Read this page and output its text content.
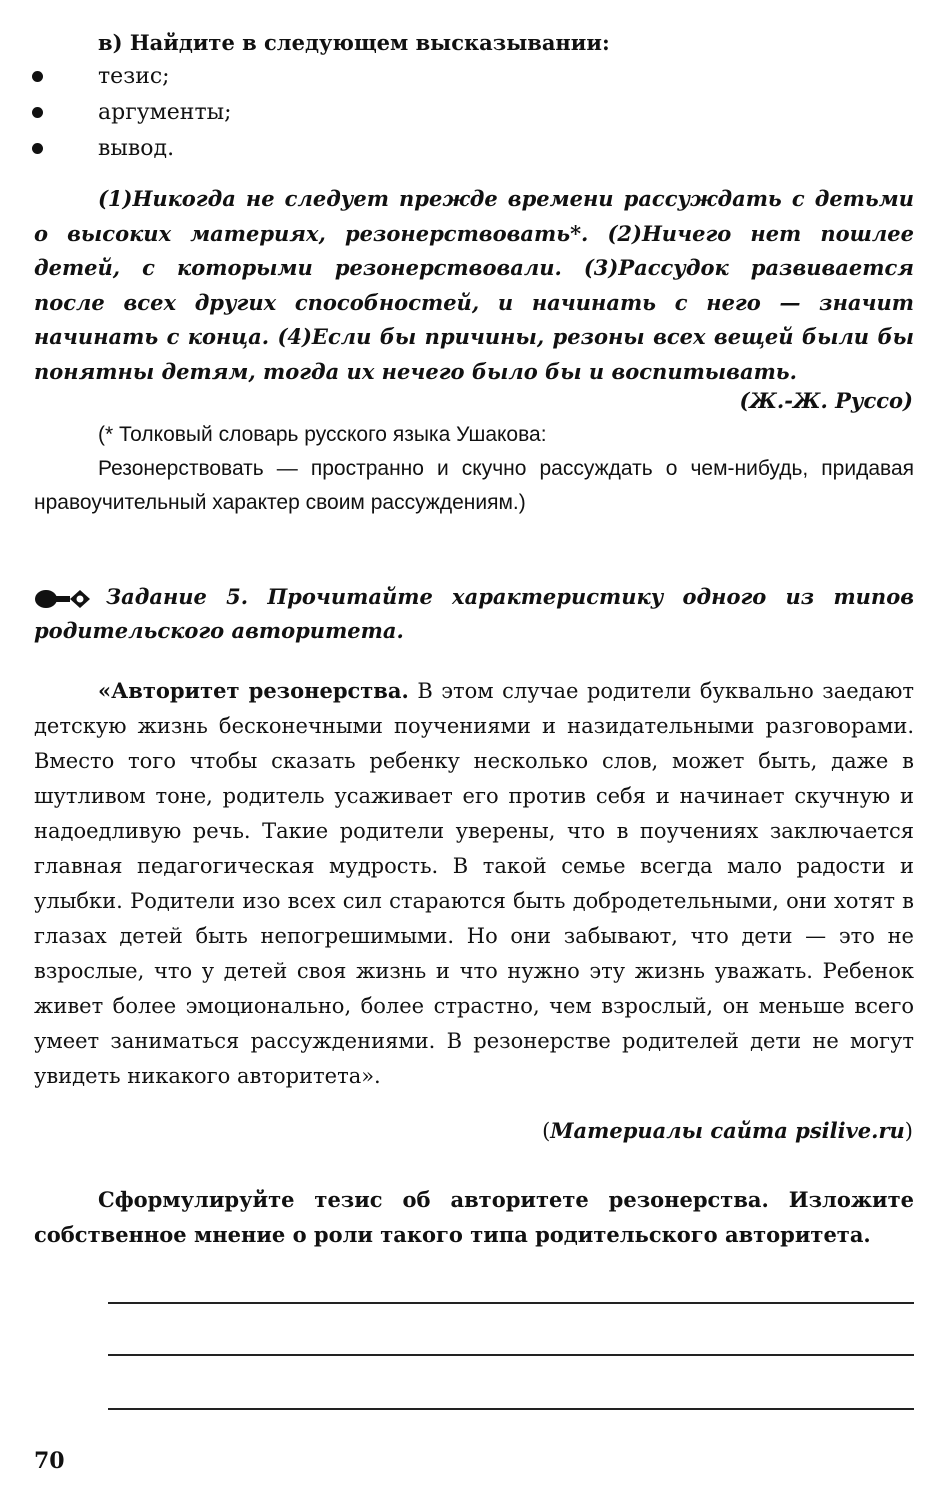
в) Найдите в следующем высказывании:
тезис;
аргументы;
вывод.

(1)Никогда не следует прежде времени рассуждать с детьми о высоких материях, резонерствовать*. (2)Ничего нет пошлее детей, с которыми резонерствовали. (3)Рассудок развивается после всех других способностей, и начинать с него — значит начинать с конца. (4)Если бы причины, резоны всех вещей были бы понятны детям, тогда их нечего было бы и воспитывать.

(Ж.-Ж. Руссо)

(* Толковый словарь русского языка Ушакова:

Резонерствовать — пространно и скучно рассуждать о чем-нибудь, придавая нравоучительный характер своим рассуждениям.)

Задание 5. Прочитайте характеристику одного из типов родительского авторитета.

«Авторитет резонерства. В этом случае родители буквально заедают детскую жизнь бесконечными поучениями и назидательными разговорами. Вместо того чтобы сказать ребенку несколько слов, может быть, даже в шутливом тоне, родитель усаживает его против себя и начинает скучную и надоедливую речь. Такие родители уверены, что в поучениях заключается главная педагогическая мудрость. В такой семье всегда мало радости и улыбки. Родители изо всех сил стараются быть добродетельными, они хотят в глазах детей быть непогрешимыми. Но они забывают, что дети — это не взрослые, что у детей своя жизнь и что нужно эту жизнь уважать. Ребенок живет более эмоционально, более страстно, чем взрослый, он меньше всего умеет заниматься рассуждениями. В резонерстве родителей дети не могут увидеть никакого авторитета».

(Материалы сайта psilive.ru)

Сформулируйте тезис об авторитете резонерства. Изложите собственное мнение о роли такого типа родительского авторитета.

70
